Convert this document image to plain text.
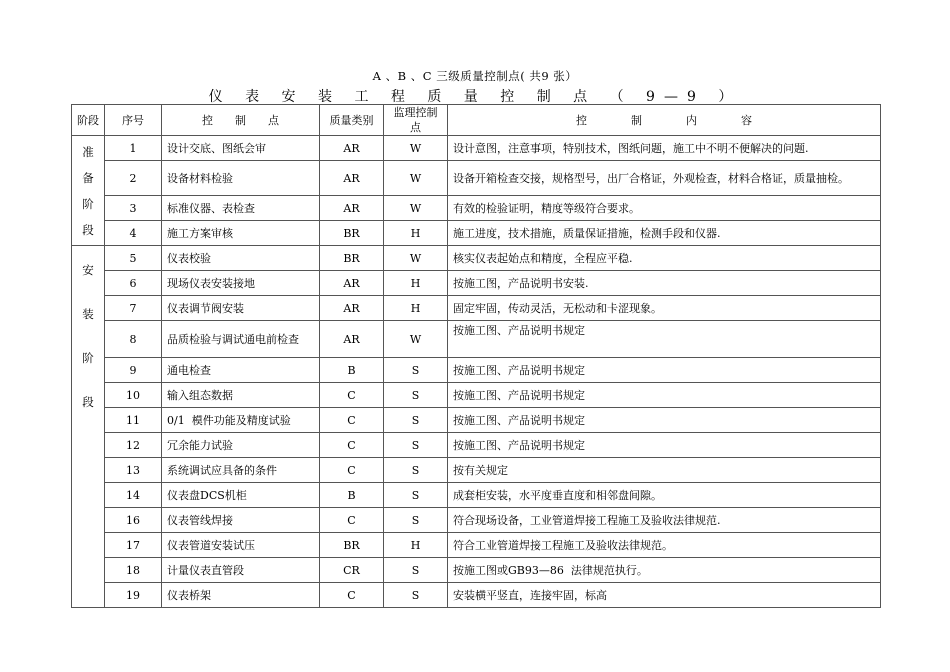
A 、B 、C 三级质量控制点( 共9 张）
仪 表 安 装 工 程 质 量 控 制 点 （ 9—9 ）
阶段	序号	控　　制　　点	质量类别	监理控制点	控　　　　制　　　　内　　　　容

准备阶段	1	设计交底、图纸会审	AR	W	设计意图，注意事项，特别技术，图纸问题，施工中不明不便解决的问题.
	2	设备材料检验	AR	W	设备开箱检查交接，规格型号，出厂合格证，外观检查，材料合格证，质量抽检。
	3	标准仪器、表检查	AR	W	有效的检验证明，精度等级符合要求。
	4	施工方案审核	BR	H	施工进度，技术措施，质量保证措施，检测手段和仪器.

安装阶段	5	仪表校验	BR	W	核实仪表起始点和精度，全程应平稳.
	6	现场仪表安装接地	AR	H	按施工图，产品说明书安装.
	7	仪表调节阀安装	AR	H	固定牢固，传动灵活，无松动和卡涩现象。
	8	品质检验与调试通电前检查	AR	W	按施工图、产品说明书规定
	9	通电检查	B	S	按施工图、产品说明书规定
	10	输入组态数据	C	S	按施工图、产品说明书规定
	11	0/1  模件功能及精度试验	C	S	按施工图、产品说明书规定
	12	冗余能力试验	C	S	按施工图、产品说明书规定
	13	系统调试应具备的条件	C	S	按有关规定
	14	仪表盘DCS机柜	B	S	成套柜安装，水平度垂直度和相邻盘间隙。
	16	仪表管线焊接	C	S	符合现场设备，工业管道焊接工程施工及验收法律规范.
	17	仪表管道安装试压	BR	H	符合工业管道焊接工程施工及验收法律规范。
	18	计量仪表直管段	CR	S	按施工图或GB93—86  法律规范执行。
	19	仪表桥架	C	S	安装横平竖直，连接牢固，标高
